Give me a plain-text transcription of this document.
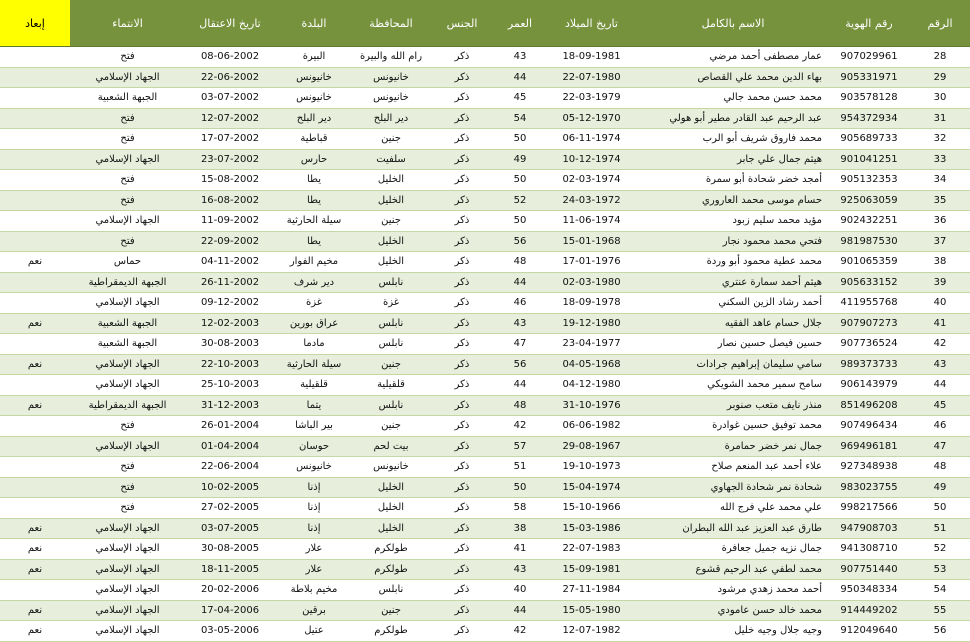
الرقم	رقم الهوية	الاسم بالكامل	تاريخ الميلاد	العمر	الجنس	المحافظة	البلدة	تاريخ الاعتقال	الانتماء	إبعاد
28	907029961	عمار مصطفى أحمد مرضي	18-09-1981	43	ذكر	رام الله والبيرة	البيرة	08-06-2002	فتح	
29	905331971	بهاء الدين محمد علي القصاص	22-07-1980	44	ذكر	خانيونس	خانيونس	22-06-2002	الجهاد الإسلامي	
30	903578128	محمد حسن محمد جالي	22-03-1979	45	ذكر	خانيونس	خانيونس	03-07-2002	الجبهة الشعبية	
31	954372934	عبد الرحيم عبد القادر مطير أبو هولي	05-12-1970	54	ذكر	دير البلح	دير البلح	12-07-2002	فتح	
32	905689733	محمد فاروق شريف أبو الرب	06-11-1974	50	ذكر	جنين	قباطية	17-07-2002	فتح	
33	901041251	هيثم جمال علي جابر	10-12-1974	49	ذكر	سلفيت	حارس	23-07-2002	الجهاد الإسلامي	
34	905132353	أمجد خضر شحادة أبو سمرة	02-03-1974	50	ذكر	الخليل	يطا	15-08-2002	فتح	
35	925063059	حسام موسى محمد العاروري	24-03-1972	52	ذكر	الخليل	يطا	16-08-2002	فتح	
36	902432251	مؤيد محمد سليم زبود	11-06-1974	50	ذكر	جنين	سيلة الحارثية	11-09-2002	الجهاد الإسلامي	
37	981987530	فتحي محمد محمود نجار	15-01-1968	56	ذكر	الخليل	يطا	22-09-2002	فتح	
38	901065359	محمد عطية محمود أبو وردة	17-01-1976	48	ذكر	الخليل	مخيم الفوار	04-11-2002	حماس	نعم
39	905633152	هيثم أحمد سمارة عنتري	02-03-1980	44	ذكر	نابلس	دير شرف	26-11-2002	الجبهة الديمقراطية	
40	411955768	أحمد رشاد الزين السكني	18-09-1978	46	ذكر	غزة	غزة	09-12-2002	الجهاد الإسلامي	
41	907907273	جلال حسام عاهد الفقيه	19-12-1980	43	ذكر	نابلس	عراق بورين	12-02-2003	الجبهة الشعبية	نعم
42	907736524	حسين فيصل حسين نصار	23-04-1977	47	ذكر	نابلس	مادما	30-08-2003	الجبهة الشعبية	
43	989373733	سامي سليمان إبراهيم جرادات	04-05-1968	56	ذكر	جنين	سيلة الحارثية	22-10-2003	الجهاد الإسلامي	نعم
44	906143979	سامح سمير محمد الشويكي	04-12-1980	44	ذكر	قلقيلية	قلقيلية	25-10-2003	الجهاد الإسلامي	
45	851496208	منذر نايف متعب صنوبر	31-10-1976	48	ذكر	نابلس	يتما	31-12-2003	الجبهة الديمقراطية	نعم
46	907496434	محمد توفيق حسين غوادرة	06-06-1982	42	ذكر	جنين	بير الباشا	26-01-2004	فتح	
47	969496181	جمال نمر خضر حمامرة	29-08-1967	57	ذكر	بيت لحم	حوسان	01-04-2004	الجهاد الإسلامي	
48	927348938	علاء أحمد عبد المنعم صلاح	19-10-1973	51	ذكر	خانيونس	خانيونس	22-06-2004	فتح	
49	983023755	شحادة نمر شحادة الجهاوي	15-04-1974	50	ذكر	الخليل	إذنا	10-02-2005	فتح	
50	998217566	علي محمد علي فرج الله	15-10-1966	58	ذكر	الخليل	إذنا	27-02-2005	فتح	
51	947908703	طارق عبد العزيز عبد الله البطران	15-03-1986	38	ذكر	الخليل	إذنا	03-07-2005	الجهاد الإسلامي	نعم
52	941308710	جمال نزيه جميل جعافرة	22-07-1983	41	ذكر	طولكرم	علار	30-08-2005	الجهاد الإسلامي	نعم
53	907751440	محمد لطفي عبد الرحيم قشوع	15-09-1981	43	ذكر	طولكرم	علار	18-11-2005	الجهاد الإسلامي	نعم
54	950348334	أحمد محمد زهدي مرشود	27-11-1984	40	ذكر	نابلس	مخيم بلاطة	20-02-2006	الجهاد الإسلامي	
55	914449202	محمد خالد حسن عامودي	15-05-1980	44	ذكر	جنين	برقين	17-04-2006	الجهاد الإسلامي	نعم
56	912049640	وجيه جلال وجيه خليل	12-07-1982	42	ذكر	طولكرم	عتيل	03-05-2006	الجهاد الإسلامي	نعم
